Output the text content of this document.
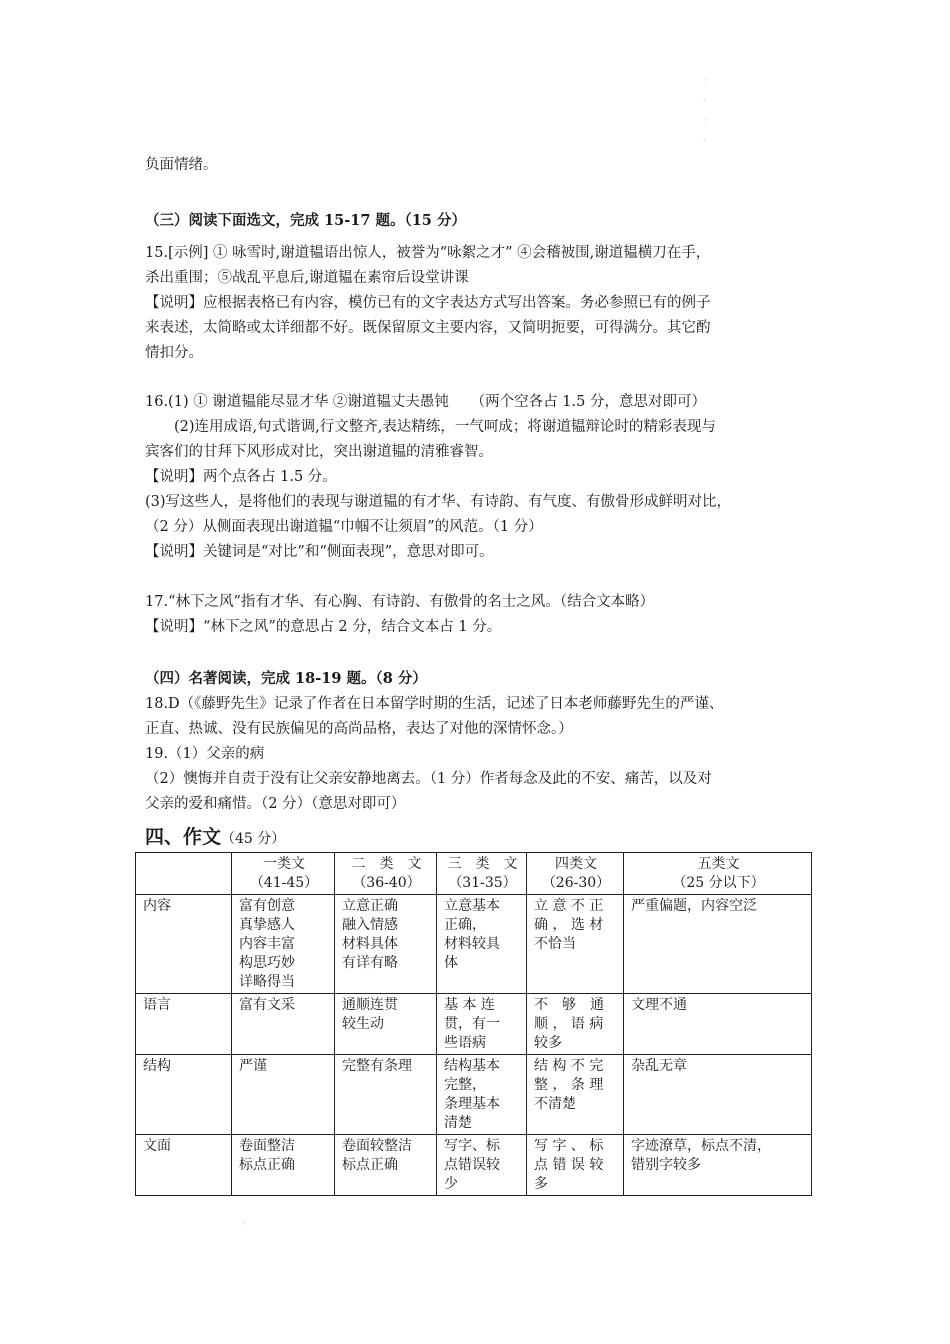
·
·
·
·
负面情绪。
（三）阅读下面选文，完成 15-17 题。（15 分）
15.[示例] ① 咏雪时,谢道韫语出惊人，被誉为“咏絮之才” ④会稽被围,谢道韫横刀在手，
杀出重围；⑤战乱平息后,谢道韫在素帘后设堂讲课
【说明】应根据表格已有内容，模仿已有的文字表达方式写出答案。务必参照已有的例子
来表述，太简略或太详细都不好。既保留原文主要内容，又简明扼要，可得满分。其它酌
情扣分。
16.(1) ① 谢道韫能尽显才华 ②谢道韫丈夫愚钝　　（两个空各占 1.5 分，意思对即可）
　　(2)连用成语,句式谐调,行文整齐,表达精练，一气呵成；将谢道韫辩论时的精彩表现与
宾客们的甘拜下风形成对比，突出谢道韫的清雅睿智。
【说明】两个点各占 1.5 分。
(3)写这些人，是将他们的表现与谢道韫的有才华、有诗韵、有气度、有傲骨形成鲜明对比，
（2 分）从侧面表现出谢道韫“巾帼不让须眉”的风范。（1 分）
【说明】关键词是“对比”和“侧面表现”，意思对即可。
17.“林下之风”指有才华、有心胸、有诗韵、有傲骨的名士之风。（结合文本略）
【说明】“林下之风”的意思占 2 分，结合文本占 1 分。
（四）名著阅读，完成 18-19 题。（8 分）
18.D（《藤野先生》记录了作者在日本留学时期的生活，记述了日本老师藤野先生的严谨、
正直、热诚、没有民族偏见的高尚品格，表达了对他的深情怀念。）
19.（1）父亲的病
（2）懊悔并自责于没有让父亲安静地离去。（1 分）作者每念及此的不安、痛苦，以及对
父亲的爱和痛惜。（2 分）（意思对即可）
四、作文（45 分）

	一类文
（41-45）	二　类　文
（36-40）	三　类　文
（31-35）	四类文
（26-30）	五类文
（25 分以下）

内容	富有创意
真挚感人
内容丰富
构思巧妙
详略得当	立意正确
融入情感
材料具体
有详有略	立意基本
正确，
材料较具
体	立 意 不 正
确 ， 选 材
不恰当	严重偏题，内容空泛

语言	富有文采	通顺连贯
较生动	基 本 连
贯，有一
些语病	不　够　通
顺 ， 语 病
较多	文理不通

结构	严谨	完整有条理	结构基本
完整，
条理基本
清楚	结 构 不 完
整 ， 条 理
不清楚	杂乱无章

文面	卷面整洁
标点正确	卷面较整洁
标点正确	写字、标
点错误较
少	写 字 、 标
点 错 误 较
多	字迹潦草，标点不清，
错别字较多
⁝
